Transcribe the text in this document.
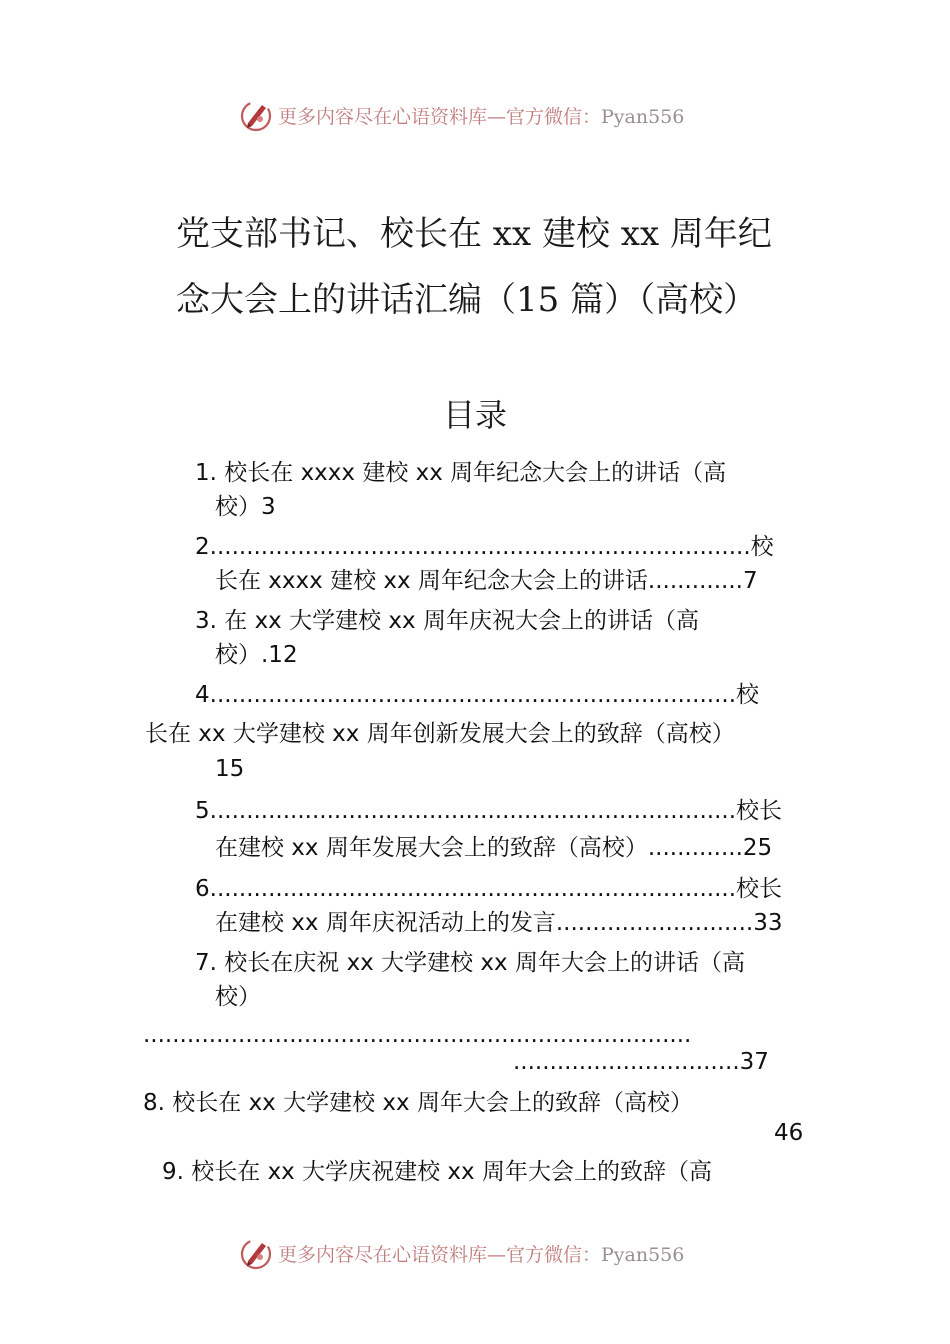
更多内容尽在心语资料库—官方微信：Pyan556
党支部书记、校长在 xx 建校 xx 周年纪
念大会上的讲话汇编（15 篇）（高校）
目录
1. 校长在 xxxx 建校 xx 周年纪念大会上的讲话（高
校）3
2..........................................................................校
长在 xxxx 建校 xx 周年纪念大会上的讲话.............7
3. 在 xx 大学建校 xx 周年庆祝大会上的讲话（高
校）.12
4........................................................................校
长在 xx 大学建校 xx 周年创新发展大会上的致辞（高校）
15
5........................................................................校长
在建校 xx 周年发展大会上的致辞（高校）.............25
6........................................................................校长
在建校 xx 周年庆祝活动上的发言...........................33
7. 校长在庆祝 xx 大学建校 xx 周年大会上的讲话（高
校）
...........................................................................
...............................37
8. 校长在 xx 大学建校 xx 周年大会上的致辞（高校）
46
9. 校长在 xx 大学庆祝建校 xx 周年大会上的致辞（高
更多内容尽在心语资料库—官方微信：Pyan556
